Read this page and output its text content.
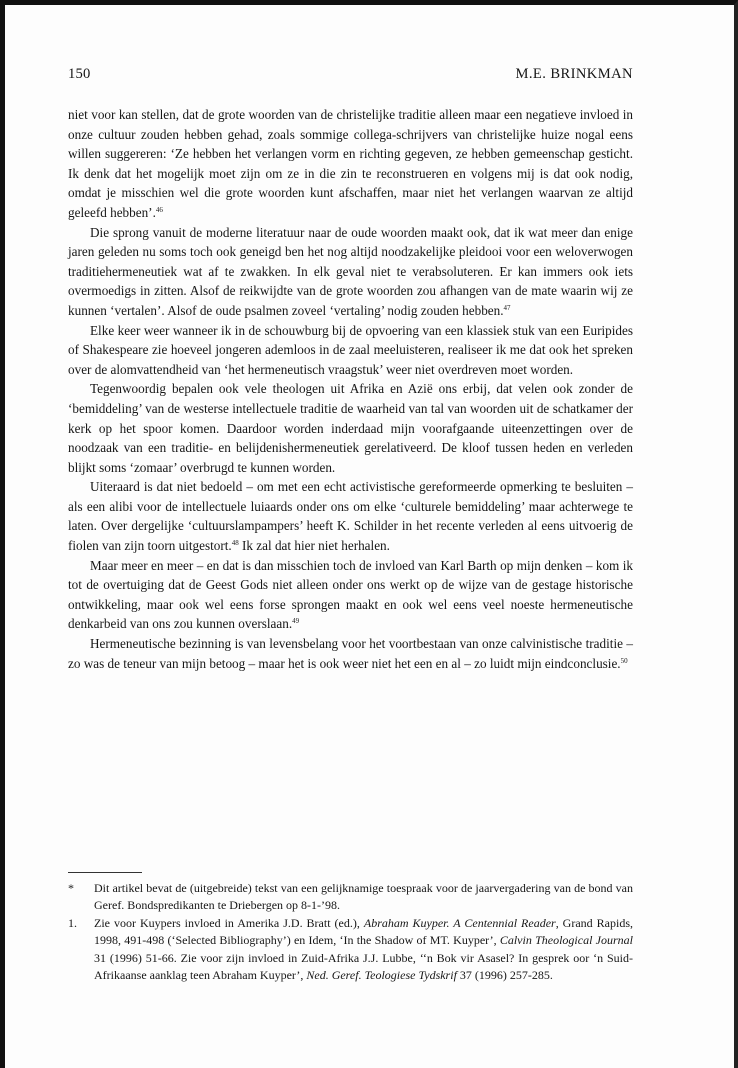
150	M.E. BRINKMAN

niet voor kan stellen, dat de grote woorden van de christelijke traditie alleen maar een negatieve invloed in onze cultuur zouden hebben gehad, zoals sommige collega-schrijvers van christelijke huize nogal eens willen suggereren: ‘Ze hebben het verlangen vorm en richting gegeven, ze hebben gemeenschap gesticht. Ik denk dat het mogelijk moet zijn om ze in die zin te reconstrueren en volgens mij is dat ook nodig, omdat je misschien wel die grote woorden kunt afschaffen, maar niet het verlangen waarvan ze altijd geleefd hebben’.$^{46}$

Die sprong vanuit de moderne literatuur naar de oude woorden maakt ook, dat ik wat meer dan enige jaren geleden nu soms toch ook geneigd ben het nog altijd noodzakelijke pleidooi voor een weloverwogen traditiehermeneutiek wat af te zwakken. In elk geval niet te verabsoluteren. Er kan immers ook iets overmoedigs in zitten. Alsof de reikwijdte van de grote woorden zou afhangen van de mate waarin wij ze kunnen ‘vertalen’. Alsof de oude psalmen zoveel ‘vertaling’ nodig zouden hebben.$^{47}$

Elke keer weer wanneer ik in de schouwburg bij de opvoering van een klassiek stuk van een Euripides of Shakespeare zie hoeveel jongeren ademloos in de zaal meeluisteren, realiseer ik me dat ook het spreken over de alomvattendheid van ‘het hermeneutisch vraagstuk’ weer niet overdreven moet worden.

Tegenwoordig bepalen ook vele theologen uit Afrika en Azië ons erbij, dat velen ook zonder de ‘bemiddeling’ van de westerse intellectuele traditie de waarheid van tal van woorden uit de schatkamer der kerk op het spoor komen. Daardoor worden inderdaad mijn voorafgaande uiteenzettingen over de noodzaak van een traditie- en belijdenishermeneutiek gerelativeerd. De kloof tussen heden en verleden blijkt soms ‘zomaar’ overbrugd te kunnen worden.

Uiteraard is dat niet bedoeld – om met een echt activistische gereformeerde opmerking te besluiten – als een alibi voor de intellectuele luiaards onder ons om elke ‘culturele bemiddeling’ maar achterwege te laten. Over dergelijke ‘cultuurslampampers’ heeft K. Schilder in het recente verleden al eens uitvoerig de fiolen van zijn toorn uitgestort.$^{48}$ Ik zal dat hier niet herhalen.

Maar meer en meer – en dat is dan misschien toch de invloed van Karl Barth op mijn denken – kom ik tot de overtuiging dat de Geest Gods niet alleen onder ons werkt op de wijze van de gestage historische ontwikkeling, maar ook wel eens forse sprongen maakt en ook wel eens veel noeste hermeneutische denkarbeid van ons zou kunnen overslaan.$^{49}$

Hermeneutische bezinning is van levensbelang voor het voortbestaan van onze calvinistische traditie – zo was de teneur van mijn betoog – maar het is ook weer niet het een en al – zo luidt mijn eindconclusie.$^{50}$

* Dit artikel bevat de (uitgebreide) tekst van een gelijknamige toespraak voor de jaarvergadering van de bond van Geref. Bondspredikanten te Driebergen op 8-1-’98.

1. Zie voor Kuypers invloed in Amerika J.D. Bratt (ed.), Abraham Kuyper. A Centennial Reader, Grand Rapids, 1998, 491-498 (‘Selected Bibliography’) en Idem, ‘In the Shadow of MT. Kuyper’, Calvin Theological Journal 31 (1996) 51-66. Zie voor zijn invloed in Zuid-Afrika J.J. Lubbe, ‘‘n Bok vir Asasel? In gesprek oor ‘n Suid-Afrikaanse aanklag teen Abraham Kuyper’, Ned. Geref. Teologiese Tydskrif 37 (1996) 257-285.
